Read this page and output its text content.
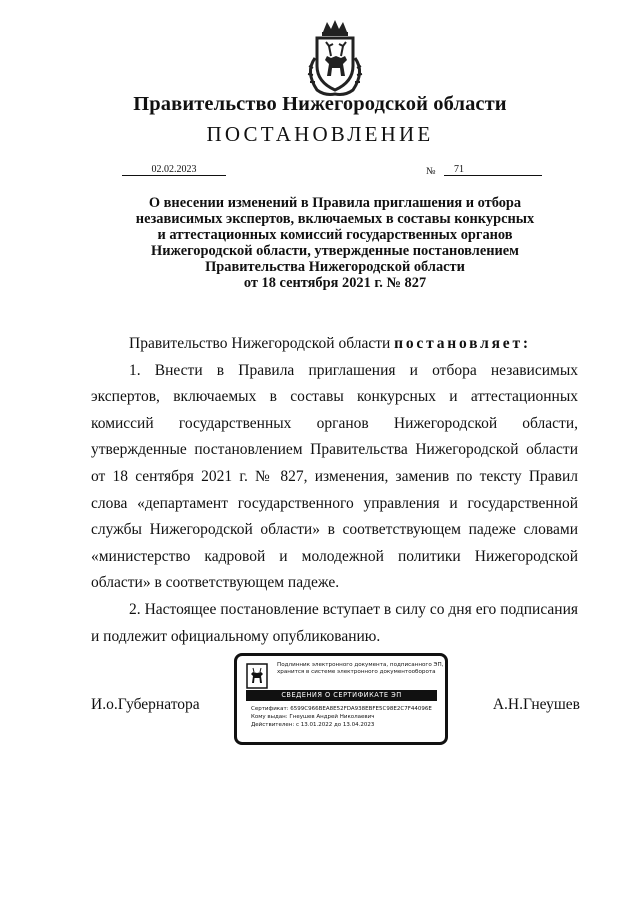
Правительство Нижегородской области
ПОСТАНОВЛЕНИЕ
02.02.2023	№	71
О внесении изменений в Правила приглашения и отбора
независимых экспертов, включаемых в составы конкурсных
и аттестационных комиссий государственных органов
Нижегородской области, утвержденные постановлением
Правительства Нижегородской области
от 18 сентября 2021 г. № 827

Правительство Нижегородской области постановляет:

1. Внести в Правила приглашения и отбора независимых экспертов, включаемых в составы конкурсных и аттестационных комиссий государственных органов Нижегородской области, утвержденные постановлением Правительства Нижегородской области от 18 сентября 2021 г. № 827, изменения, заменив по тексту Правил слова «департамент государственного управления и государственной службы Нижегородской области» в соответствующем падеже словами «министерство кадровой и молодежной политики Нижегородской области» в соответствующем падеже.

2. Настоящее постановление вступает в силу со дня его подписания и подлежит официальному опубликованию.

И.о.Губернатора	А.Н.Гнеушев
Подлинник электронного документа, подписанного ЭП, хранится в системе электронного документооборота
СВЕДЕНИЯ О СЕРТИФИКАТЕ ЭП
Сертификат: 6599C966BEA8E52FDA938EBFE5C98E2C7F44096E
Кому выдан: Гнеушев Андрей Николаевич
Действителен: с 13.01.2022 до 13.04.2023
